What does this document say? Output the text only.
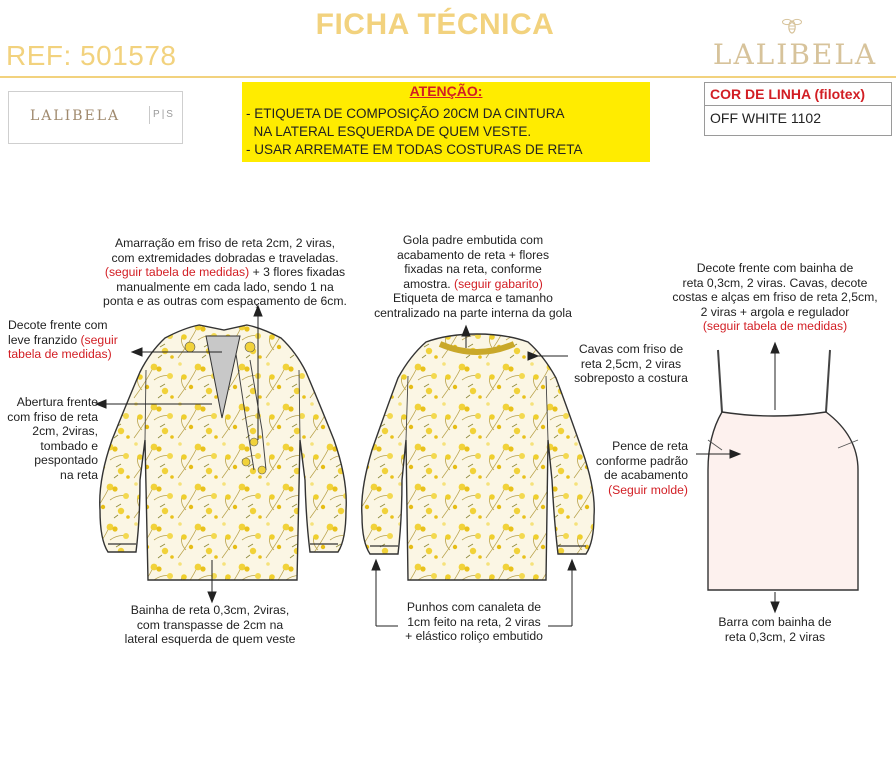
FICHA TÉCNICA
REF: 501578	LALIBELA
LALIBELA	P|S
ATENÇÃO:
- ETIQUETA DE COMPOSIÇÃO 20CM DA CINTURA
NA LATERAL ESQUERDA DE QUEM VESTE.
- USAR ARREMATE EM TODAS COSTURAS DE RETA
COR DE LINHA (filotex)
OFF WHITE 1102
Amarração em friso de reta 2cm, 2 viras,
com extremidades dobradas e traveladas.
(seguir tabela de medidas) + 3 flores fixadas
manualmente em cada lado, sendo 1 na
ponta e as outras com espaçamento de 6cm.
Decote frente com
leve franzido (seguir
tabela de medidas)
Abertura frente
com friso de reta
2cm, 2viras,
tombado e
pespontado
na reta
Bainha de reta 0,3cm, 2viras,
com transpasse de 2cm na
lateral esquerda de quem veste
Gola padre embutida com
acabamento de reta + flores
fixadas na reta, conforme
amostra. (seguir gabarito)
Etiqueta de marca e tamanho
centralizado na parte interna da gola
Cavas com friso de
reta 2,5cm, 2 viras
sobreposto a costura
Punhos com canaleta de
1cm feito na reta, 2 viras
+ elástico roliço embutido
Decote frente com bainha de
reta 0,3cm, 2 viras. Cavas, decote
costas e alças em friso de reta 2,5cm,
2 viras + argola e regulador
(seguir tabela de medidas)
Pence de reta
conforme padrão
de acabamento
(Seguir molde)
Barra com bainha de
reta 0,3cm, 2 viras
